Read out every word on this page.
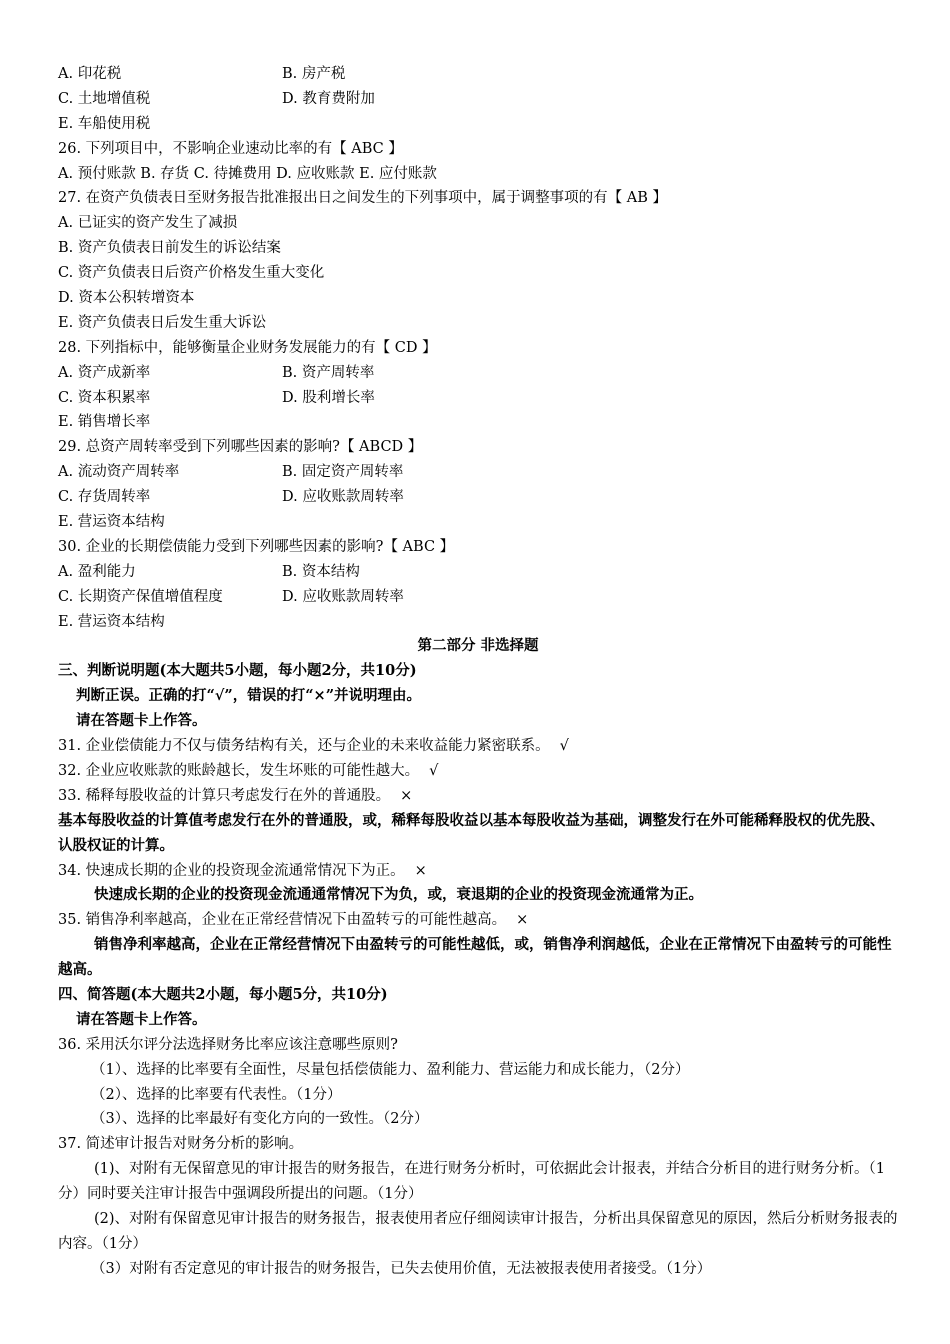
A. 印花税	B. 房产税
C. 土地增值税	D. 教育费附加
E. 车船使用税
26. 下列项目中，不影响企业速动比率的有【 ABC 】
A. 预付账款 B. 存货 C. 待摊费用 D. 应收账款 E. 应付账款
27. 在资产负债表日至财务报告批准报出日之间发生的下列事项中，属于调整事项的有【 AB 】
A. 已证实的资产发生了减损
B. 资产负债表日前发生的诉讼结案
C. 资产负债表日后资产价格发生重大变化
D. 资本公积转增资本
E. 资产负债表日后发生重大诉讼
28. 下列指标中，能够衡量企业财务发展能力的有【 CD 】
A. 资产成新率	B. 资产周转率
C. 资本积累率	D. 股利增长率
E. 销售增长率
29. 总资产周转率受到下列哪些因素的影响?【 ABCD 】
A. 流动资产周转率	B. 固定资产周转率
C. 存货周转率	D. 应收账款周转率
E. 营运资本结构
30. 企业的长期偿债能力受到下列哪些因素的影响?【 ABC 】
A. 盈利能力	B. 资本结构
C. 长期资产保值增值程度	D. 应收账款周转率
E. 营运资本结构
第二部分 非选择题
三、判断说明题(本大题共5小题，每小题2分，共10分)
判断正误。正确的打“√”，错误的打“×”并说明理由。
请在答题卡上作答。
31. 企业偿债能力不仅与债务结构有关，还与企业的未来收益能力紧密联系。 √
32. 企业应收账款的账龄越长，发生坏账的可能性越大。 √
33. 稀释每股收益的计算只考虑发行在外的普通股。 ×
基本每股收益的计算值考虑发行在外的普通股，或，稀释每股收益以基本每股收益为基础，调整发行在外可能稀释股权的优先股、认股权证的计算。
34. 快速成长期的企业的投资现金流通常情况下为正。 ×
快速成长期的企业的投资现金流通通常情况下为负，或，衰退期的企业的投资现金流通常为正。
35. 销售净利率越高，企业在正常经营情况下由盈转亏的可能性越高。 ×
销售净利率越高，企业在正常经营情况下由盈转亏的可能性越低，或，销售净利润越低，企业在正常情况下由盈转亏的可能性越高。
四、简答题(本大题共2小题，每小题5分，共10分)
请在答题卡上作答。
36. 采用沃尔评分法选择财务比率应该注意哪些原则?
（1）、选择的比率要有全面性，尽量包括偿债能力、盈利能力、营运能力和成长能力，（2分）
（2）、选择的比率要有代表性。（1分）
（3）、选择的比率最好有变化方向的一致性。（2分）
37. 简述审计报告对财务分析的影响。
(1)、对附有无保留意见的审计报告的财务报告，在进行财务分析时，可依据此会计报表，并结合分析目的进行财务分析。（1分）同时要关注审计报告中强调段所提出的问题。（1分）
(2)、对附有保留意见审计报告的财务报告，报表使用者应仔细阅读审计报告，分析出具保留意见的原因，然后分析财务报表的内容。（1分）
（3）对附有否定意见的审计报告的财务报告，已失去使用价值，无法被报表使用者接受。（1分）
